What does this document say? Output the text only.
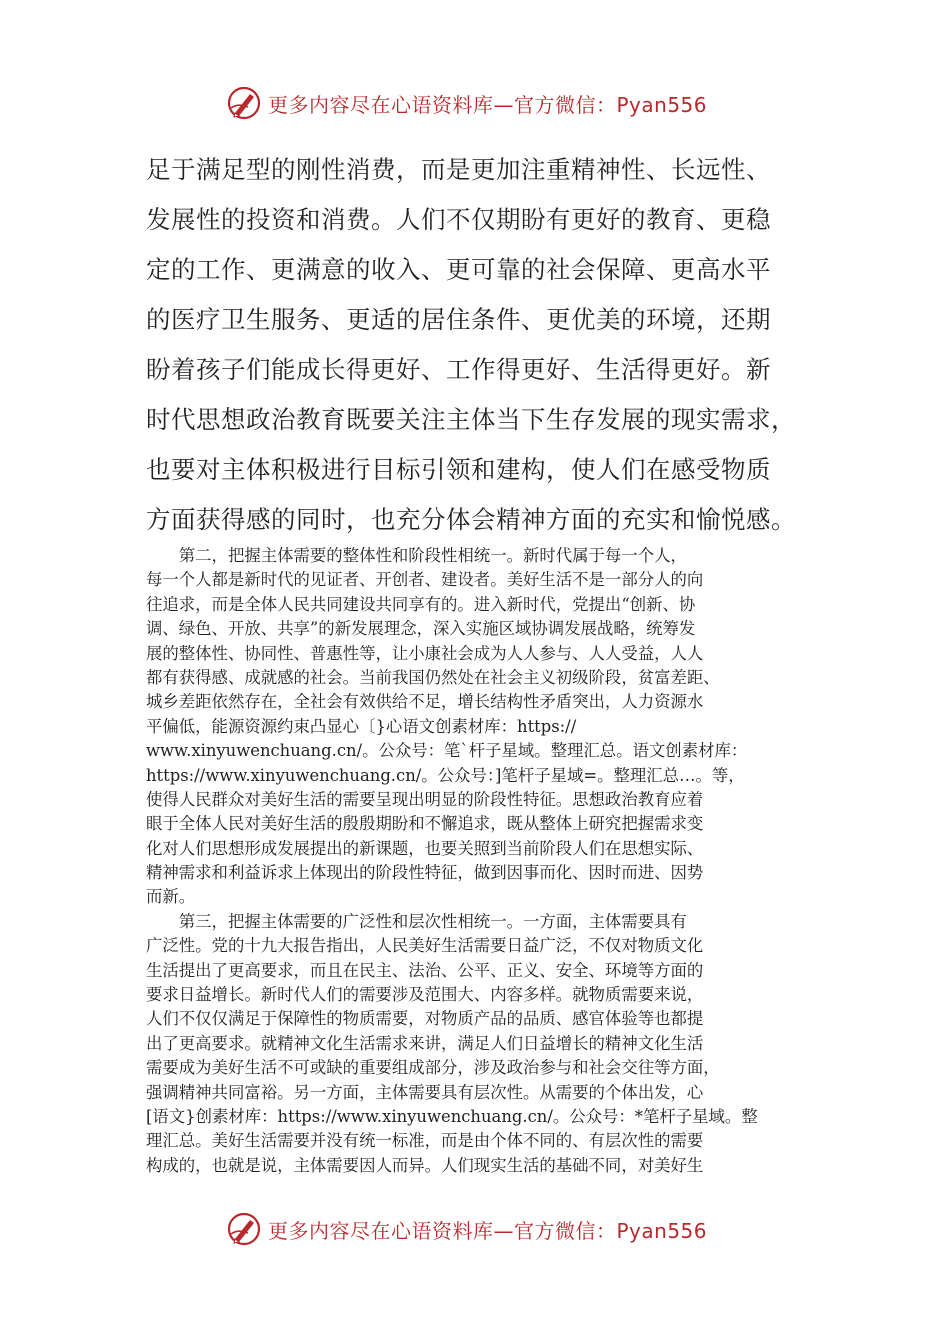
更多内容尽在心语资料库—官方微信：Pyan556
足于满足型的刚性消费，而是更加注重精神性、长远性、
发展性的投资和消费。人们不仅期盼有更好的教育、更稳
定的工作、更满意的收入、更可靠的社会保障、更高水平
的医疗卫生服务、更适的居住条件、更优美的环境，还期
盼着孩子们能成长得更好、工作得更好、生活得更好。新
时代思想政治教育既要关注主体当下生存发展的现实需求，
也要对主体积极进行目标引领和建构，使人们在感受物质
方面获得感的同时，也充分体会精神方面的充实和愉悦感。
　　第二，把握主体需要的整体性和阶段性相统一。新时代属于每一个人，
每一个人都是新时代的见证者、开创者、建设者。美好生活不是一部分人的向
往追求，而是全体人民共同建设共同享有的。进入新时代，党提出“创新、协
调、绿色、开放、共享”的新发展理念，深入实施区域协调发展战略，统筹发
展的整体性、协同性、普惠性等，让小康社会成为人人参与、人人受益，人人
都有获得感、成就感的社会。当前我国仍然处在社会主义初级阶段，贫富差距、
城乡差距依然存在，全社会有效供给不足，增长结构性矛盾突出，人力资源水
平偏低，能源资源约束凸显心〔}心语文创素材库：https://
www.xinyuwenchuang.cn/。公众号：笔`杆子星域。整理汇总。语文创素材库：
https://www.xinyuwenchuang.cn/。公众号：]笔杆子星域=。整理汇总…。等，
使得人民群众对美好生活的需要呈现出明显的阶段性特征。思想政治教育应着
眼于全体人民对美好生活的殷殷期盼和不懈追求，既从整体上研究把握需求变
化对人们思想形成发展提出的新课题，也要关照到当前阶段人们在思想实际、
精神需求和利益诉求上体现出的阶段性特征，做到因事而化、因时而进、因势
而新。
　　第三，把握主体需要的广泛性和层次性相统一。一方面，主体需要具有
广泛性。党的十九大报告指出，人民美好生活需要日益广泛，不仅对物质文化
生活提出了更高要求，而且在民主、法治、公平、正义、安全、环境等方面的
要求日益增长。新时代人们的需要涉及范围大、内容多样。就物质需要来说，
人们不仅仅满足于保障性的物质需要，对物质产品的品质、感官体验等也都提
出了更高要求。就精神文化生活需求来讲，满足人们日益增长的精神文化生活
需要成为美好生活不可或缺的重要组成部分，涉及政治参与和社会交往等方面，
强调精神共同富裕。另一方面，主体需要具有层次性。从需要的个体出发，心
[语文}创素材库：https://www.xinyuwenchuang.cn/。公众号：*笔杆子星域。整
理汇总。美好生活需要并没有统一标准，而是由个体不同的、有层次性的需要
构成的，也就是说，主体需要因人而异。人们现实生活的基础不同，对美好生
更多内容尽在心语资料库—官方微信：Pyan556
